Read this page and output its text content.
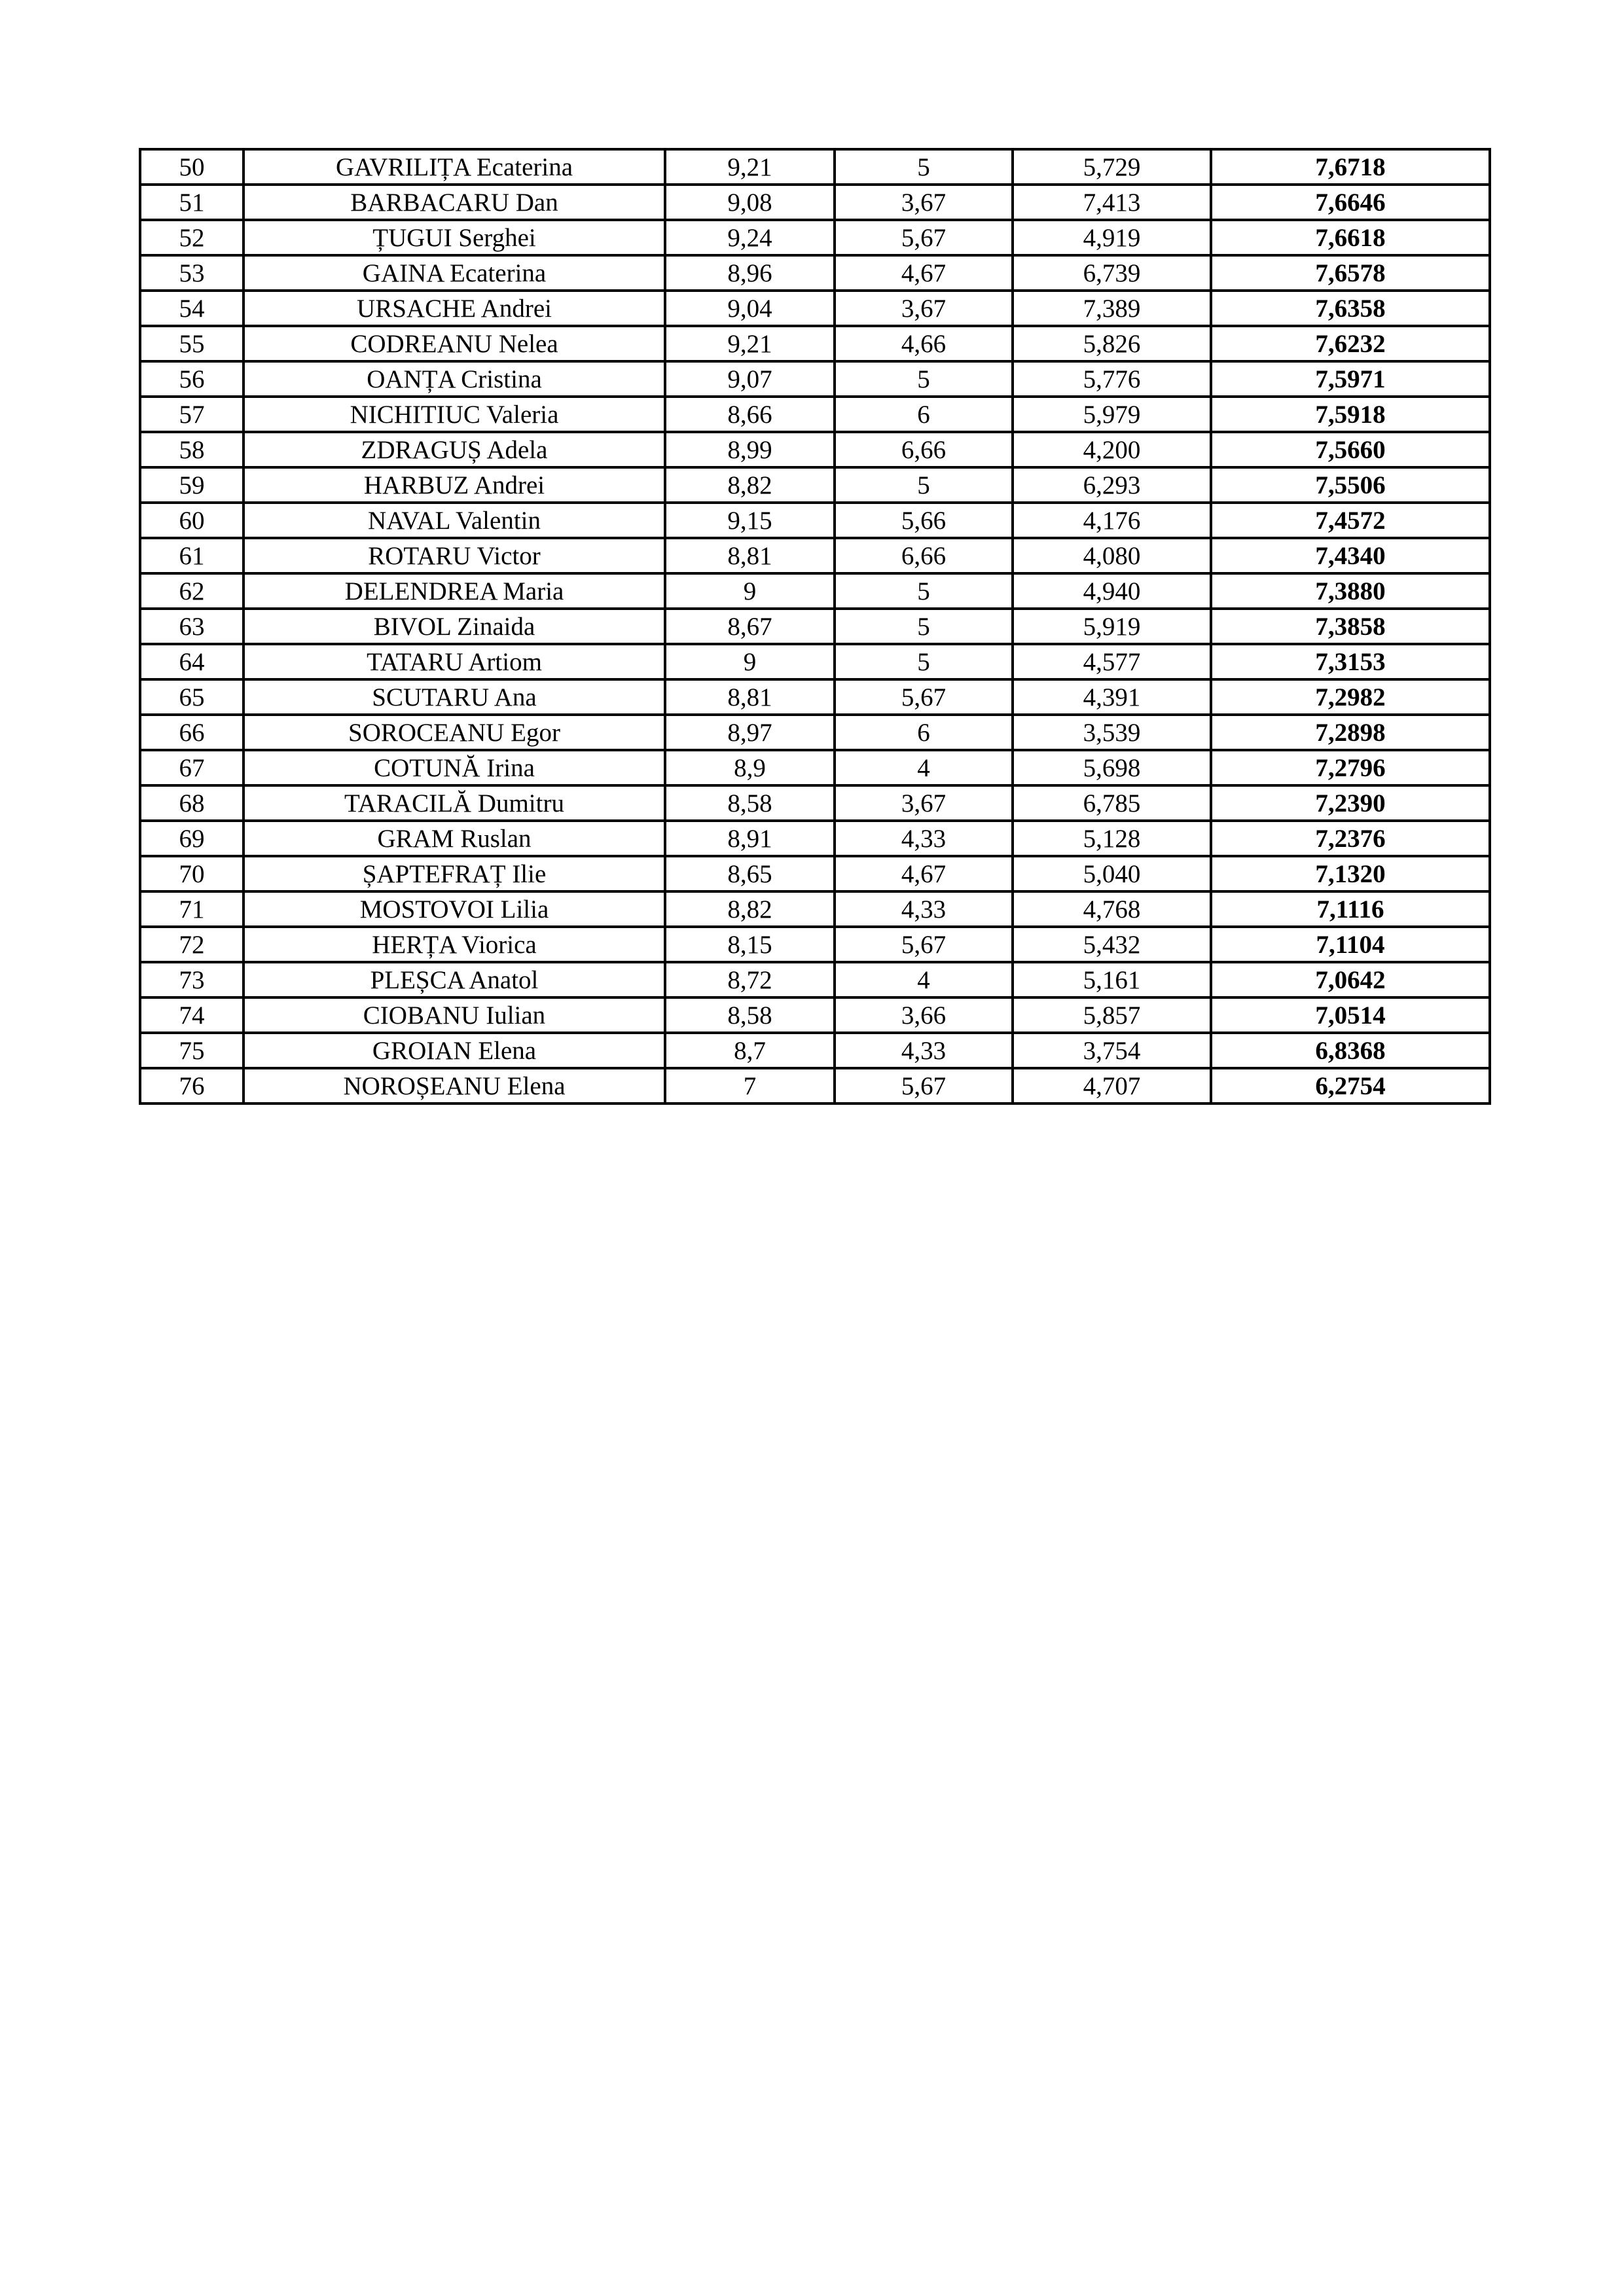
50	GAVRILIȚA Ecaterina	9,21	5	5,729	7,6718
51	BARBACARU Dan	9,08	3,67	7,413	7,6646
52	ȚUGUI Serghei	9,24	5,67	4,919	7,6618
53	GAINA Ecaterina	8,96	4,67	6,739	7,6578
54	URSACHE Andrei	9,04	3,67	7,389	7,6358
55	CODREANU Nelea	9,21	4,66	5,826	7,6232
56	OANȚA Cristina	9,07	5	5,776	7,5971
57	NICHITIUC Valeria	8,66	6	5,979	7,5918
58	ZDRAGUȘ Adela	8,99	6,66	4,200	7,5660
59	HARBUZ Andrei	8,82	5	6,293	7,5506
60	NAVAL Valentin	9,15	5,66	4,176	7,4572
61	ROTARU Victor	8,81	6,66	4,080	7,4340
62	DELENDREA Maria	9	5	4,940	7,3880
63	BIVOL Zinaida	8,67	5	5,919	7,3858
64	TATARU Artiom	9	5	4,577	7,3153
65	SCUTARU Ana	8,81	5,67	4,391	7,2982
66	SOROCEANU Egor	8,97	6	3,539	7,2898
67	COTUNĂ Irina	8,9	4	5,698	7,2796
68	TARACILĂ Dumitru	8,58	3,67	6,785	7,2390
69	GRAM Ruslan	8,91	4,33	5,128	7,2376
70	ȘAPTEFRAȚ Ilie	8,65	4,67	5,040	7,1320
71	MOSTOVOI Lilia	8,82	4,33	4,768	7,1116
72	HERȚA Viorica	8,15	5,67	5,432	7,1104
73	PLEȘCA Anatol	8,72	4	5,161	7,0642
74	CIOBANU Iulian	8,58	3,66	5,857	7,0514
75	GROIAN Elena	8,7	4,33	3,754	6,8368
76	NOROȘEANU Elena	7	5,67	4,707	6,2754
